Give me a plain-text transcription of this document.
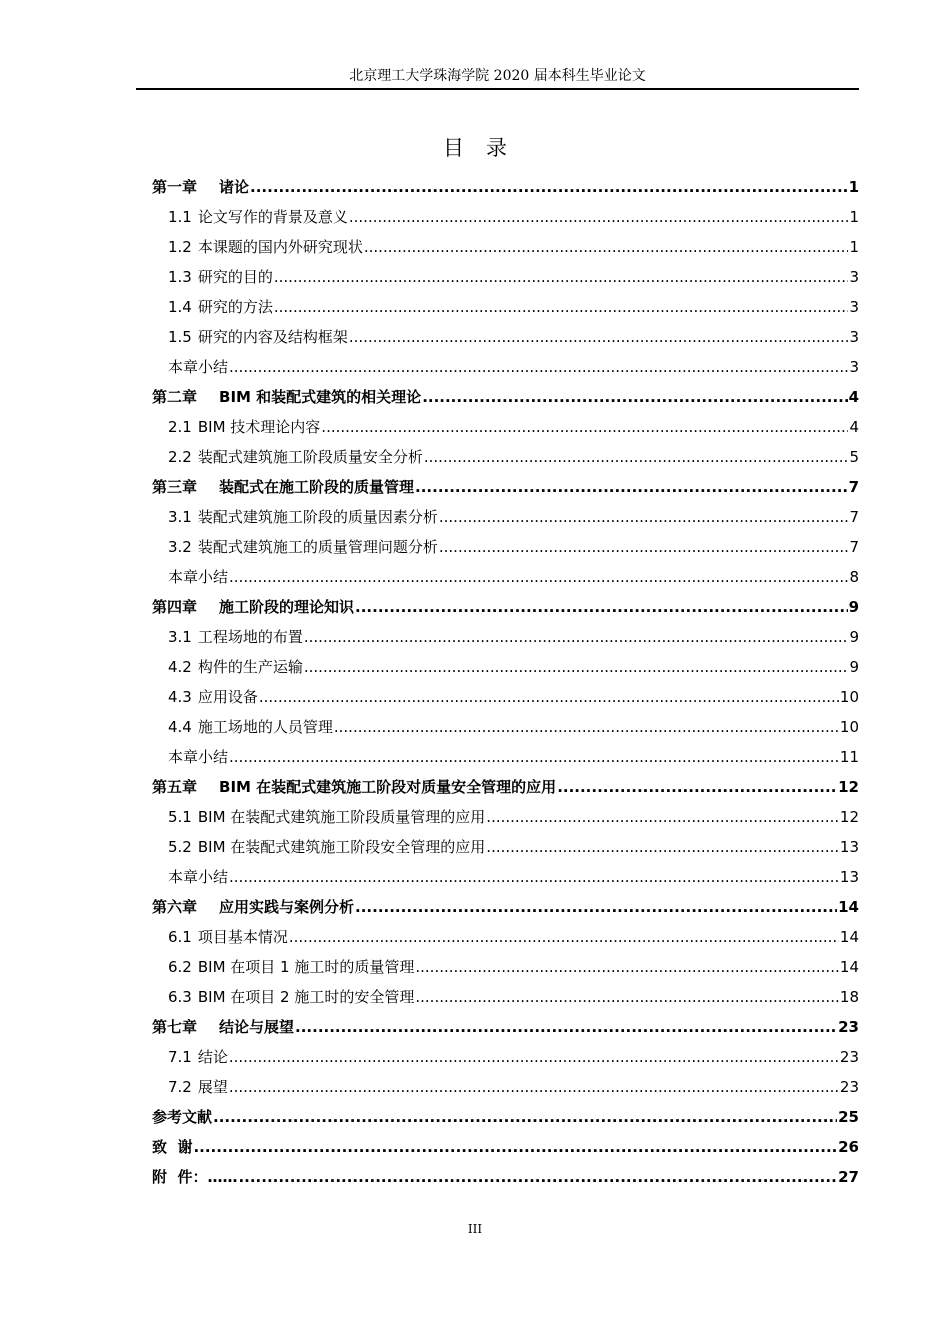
北京理工大学珠海学院 2020 届本科生毕业论文
目录
第一章 诸论 .....	1
1.1 论文写作的背景及意义 .....	1
1.2 本课题的国内外研究现状 .....	1
1.3 研究的目的 .....	3
1.4 研究的方法 .....	3
1.5 研究的内容及结构框架 .....	3
本章小结 .....	3
第二章 BIM 和装配式建筑的相关理论 .....	4
2.1 BIM 技术理论内容 .....	4
2.2 装配式建筑施工阶段质量安全分析 .....	5
第三章 装配式在施工阶段的质量管理 .....	7
3.1 装配式建筑施工阶段的质量因素分析 .....	7
3.2 装配式建筑施工的质量管理问题分析 .....	7
本章小结 .....	8
第四章 施工阶段的理论知识 .....	9
3.1 工程场地的布置 .....	9
4.2 构件的生产运输 .....	9
4.3 应用设备 .....	10
4.4 施工场地的人员管理 .....	10
本章小结 .....	11
第五章 BIM 在装配式建筑施工阶段对质量安全管理的应用 .....	12
5.1 BIM 在装配式建筑施工阶段质量管理的应用 .....	12
5.2 BIM 在装配式建筑施工阶段安全管理的应用 .....	13
本章小结 .....	13
第六章 应用实践与案例分析 .....	14
6.1 项目基本情况 .....	14
6.2 BIM 在项目 1 施工时的质量管理 .....	14
6.3 BIM 在项目 2 施工时的安全管理 .....	18
第七章 结论与展望 .....	23
7.1 结论 .....	23
7.2 展望 .....	23
参考文献 .....	25
致  谢 .....	26
附  件：…… .....	27
III
